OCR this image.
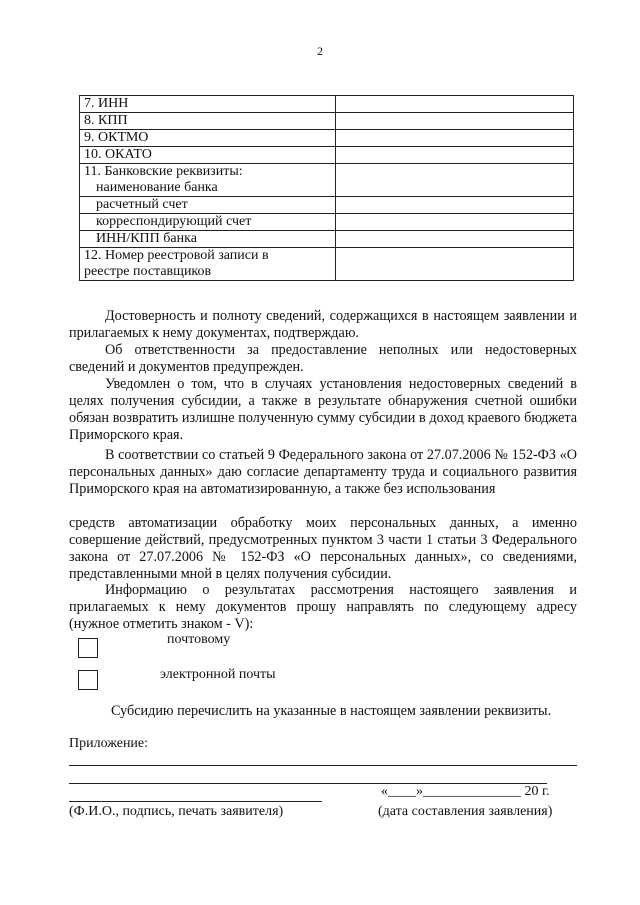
2
7. ИНН	
8. КПП	
9. ОКТМО	
10. ОКАТО	

11. Банковские реквизиты:
наименование банка	

расчетный счет	
корреспондирующий счет	
ИНН/КПП банка	

12. Номер реестровой записи в
реестре поставщиков	

Достоверность и полноту сведений, содержащихся в настоящем заявлении и прилагаемых к нему документах, подтверждаю.

Об ответственности за предоставление неполных или недостоверных сведений и документов предупрежден.

Уведомлен о том, что в случаях установления недостоверных сведений в целях получения субсидии, а также в результате обнаружения счетной ошибки обязан возвратить излишне полученную сумму субсидии в доход краевого бюджета Приморского края.

В соответствии со статьей 9 Федерального закона от 27.07.2006 № 152-ФЗ «О персональных данных» даю согласие департаменту труда и социального развития Приморского края на автоматизированную, а также без использования

средств автоматизации обработку моих персональных данных, а именно совершение действий, предусмотренных пунктом 3 части 1 статьи 3 Федерального закона от 27.07.2006 № 152-ФЗ «О персональных данных», со сведениями, представленными мной в целях получения субсидии.

Информацию о результатах рассмотрения настоящего заявления и прилагаемых к нему документов прошу направлять по следующему адресу (нужное отметить знаком - V):

почтовому
электронной почты
Субсидию перечислить на указанные в настоящем заявлении реквизиты.
Приложение:
«____»______________ 20 г.
(Ф.И.О., подпись, печать заявителя)	(дата составления заявления)
